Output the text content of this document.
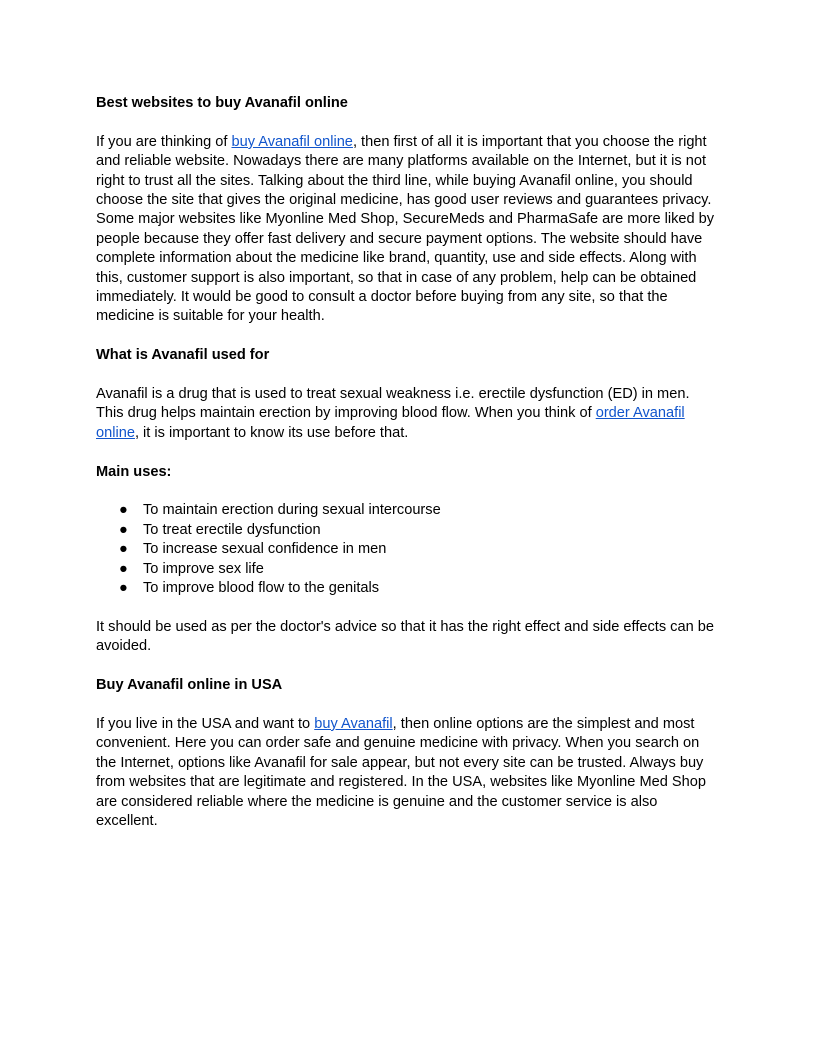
Best websites to buy Avanafil online

If you are thinking of buy Avanafil online, then first of all it is important that you choose the right and reliable website. Nowadays there are many platforms available on the Internet, but it is not right to trust all the sites. Talking about the third line, while buying Avanafil online, you should choose the site that gives the original medicine, has good user reviews and guarantees privacy. Some major websites like Myonline Med Shop, SecureMeds and PharmaSafe are more liked by people because they offer fast delivery and secure payment options. The website should have complete information about the medicine like brand, quantity, use and side effects. Along with this, customer support is also important, so that in case of any problem, help can be obtained immediately. It would be good to consult a doctor before buying from any site, so that the medicine is suitable for your health.

What is Avanafil used for

Avanafil is a drug that is used to treat sexual weakness i.e. erectile dysfunction (ED) in men. This drug helps maintain erection by improving blood flow. When you think of order Avanafil online, it is important to know its use before that.

Main uses:
● To maintain erection during sexual intercourse
● To treat erectile dysfunction
● To increase sexual confidence in men
● To improve sex life
● To improve blood flow to the genitals

It should be used as per the doctor's advice so that it has the right effect and side effects can be avoided.

Buy Avanafil online in USA

If you live in the USA and want to buy Avanafil, then online options are the simplest and most convenient. Here you can order safe and genuine medicine with privacy. When you search on the Internet, options like Avanafil for sale appear, but not every site can be trusted. Always buy from websites that are legitimate and registered. In the USA, websites like Myonline Med Shop are considered reliable where the medicine is genuine and the customer service is also excellent.
